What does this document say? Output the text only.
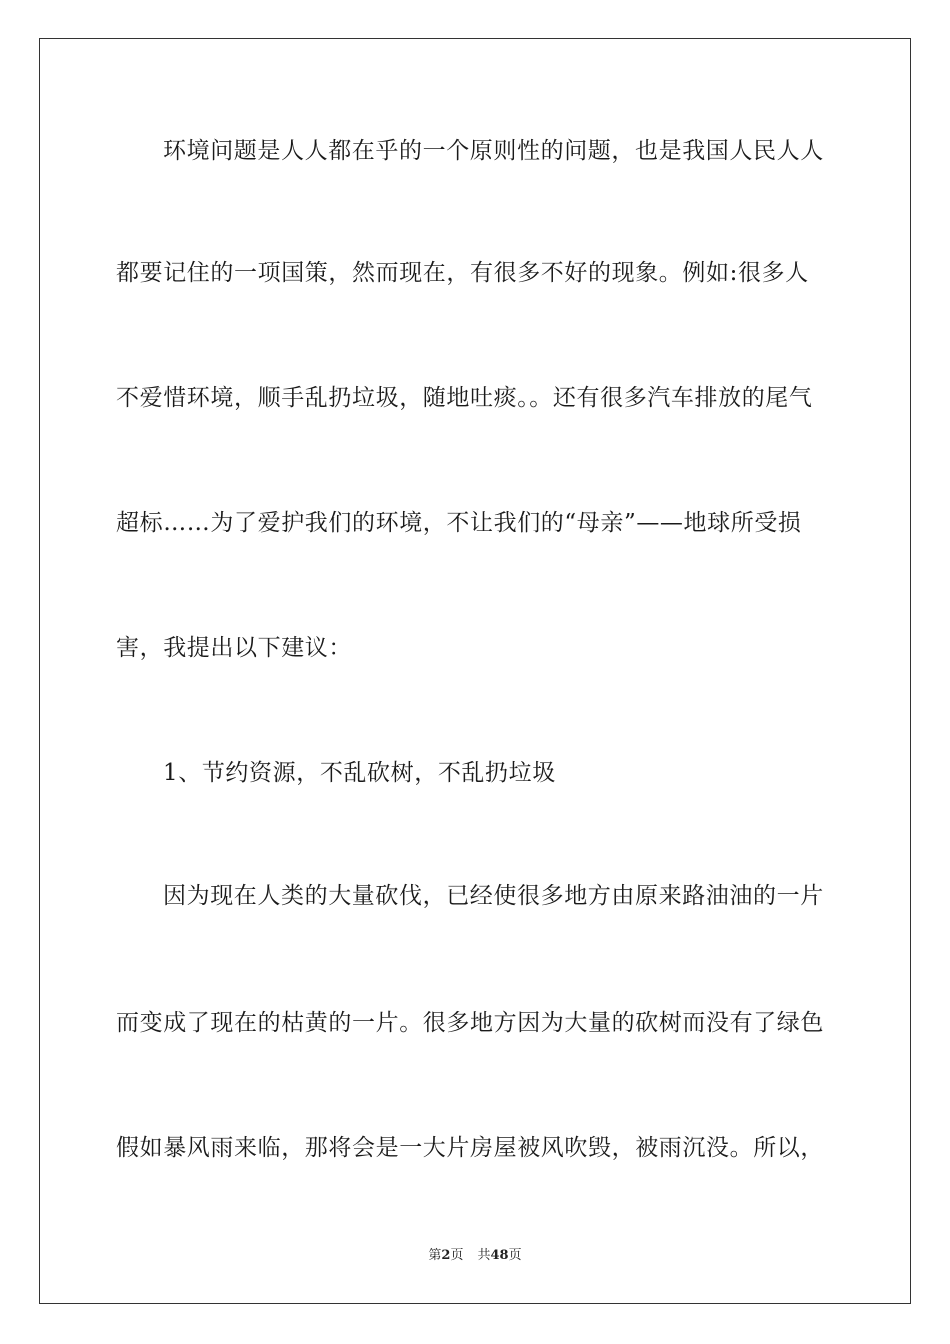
环境问题是人人都在乎的一个原则性的问题，也是我国人民人人
都要记住的一项国策，然而现在，有很多不好的现象。例如:很多人
不爱惜环境，顺手乱扔垃圾，随地吐痰。。还有很多汽车排放的尾气
超标……为了爱护我们的环境，不让我们的“母亲”——地球所受损
害，我提出以下建议：
1、节约资源，不乱砍树，不乱扔垃圾
因为现在人类的大量砍伐，已经使很多地方由原来路油油的一片
而变成了现在的枯黄的一片。很多地方因为大量的砍树而没有了绿色
假如暴风雨来临，那将会是一大片房屋被风吹毁，被雨沉没。所以，
第2页 共48页
